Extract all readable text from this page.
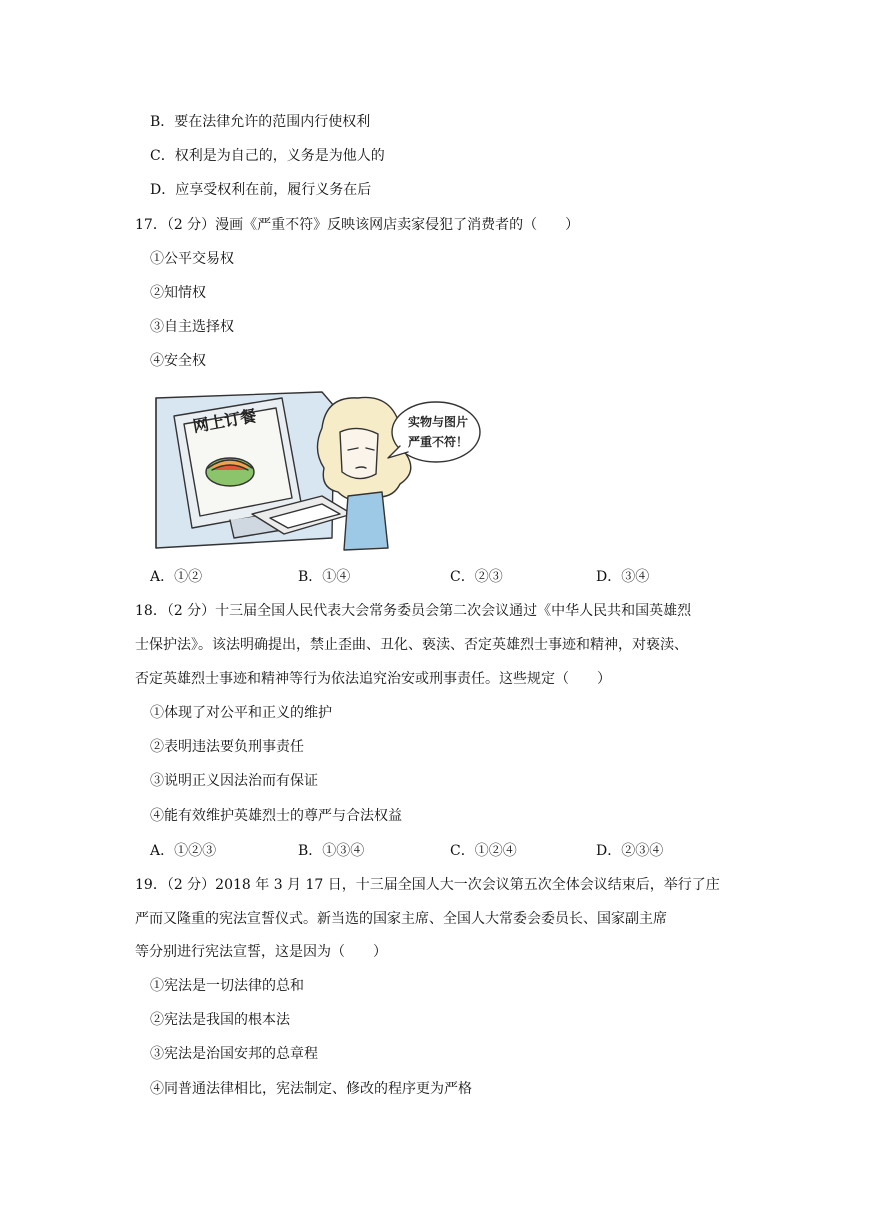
B．要在法律允许的范围内行使权利
C．权利是为自己的，义务是为他人的
D．应享受权利在前，履行义务在后
17．（2 分）漫画《严重不符》反映该网店卖家侵犯了消费者的（　　）
①公平交易权
②知情权
③自主选择权
④安全权
网上订餐	实物与图片
严重不符！
A．①②	B．①④	C．②③	D．③④
18．（2 分）十三届全国人民代表大会常务委员会第二次会议通过《中华人民共和国英雄烈
士保护法》。该法明确提出，禁止歪曲、丑化、亵渎、否定英雄烈士事迹和精神，对亵渎、
否定英雄烈士事迹和精神等行为依法追究治安或刑事责任。这些规定（　　）
①体现了对公平和正义的维护
②表明违法要负刑事责任
③说明正义因法治而有保证
④能有效维护英雄烈士的尊严与合法权益
A．①②③	B．①③④	C．①②④	D．②③④
19．（2 分）2018 年 3 月 17 日，十三届全国人大一次会议第五次全体会议结束后，举行了庄
严而又隆重的宪法宣誓仪式。新当选的国家主席、全国人大常委会委员长、国家副主席
等分别进行宪法宣誓，这是因为（　　）
①宪法是一切法律的总和
②宪法是我国的根本法
③宪法是治国安邦的总章程
④同普通法律相比，宪法制定、修改的程序更为严格
